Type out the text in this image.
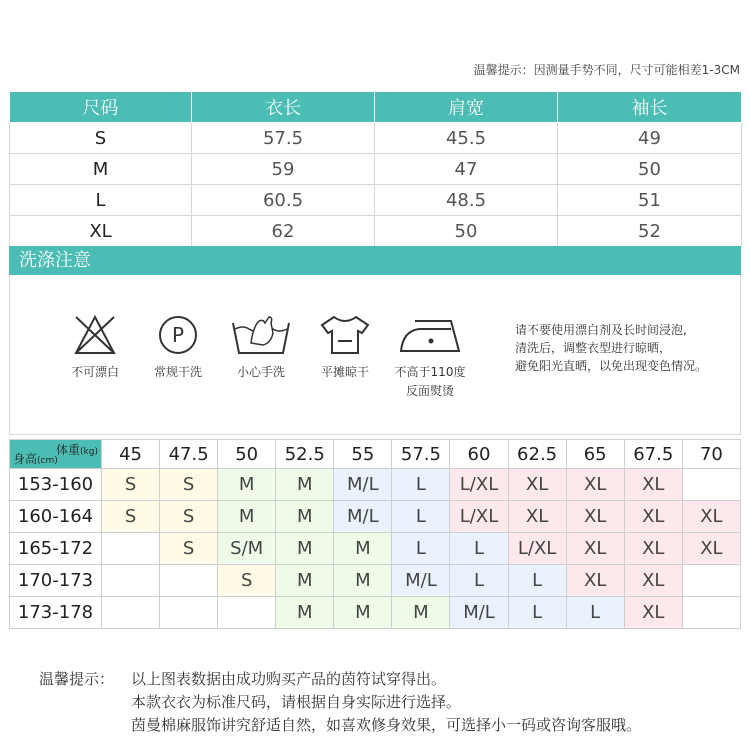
温馨提示：因测量手势不同，尺寸可能相差1-3CM
尺码	衣长	肩宽	袖长
S	57.5	45.5	49
M	59	47	50
L	60.5	48.5	51
XL	62	50	52
洗涤注意
不可漂白
P
常规干洗	小心手洗	平摊晾干	不高于110度
反面熨烫
请不要使用漂白剂及长时间浸泡,
清洗后，调整衣型进行晾晒，
避免阳光直晒，以免出现变色情况。
体重(kg)
身高(cm)	45	47.5	50	52.5	55	57.5	60	62.5	65	67.5	70
153-160	S	S	M	M	M/L	L	L/XL	XL	XL	XL	
160-164	S	S	M	M	M/L	L	L/XL	XL	XL	XL	XL
165-172		S	S/M	M	M	L	L	L/XL	XL	XL	XL
170-173			S	M	M	M/L	L	L	XL	XL	
173-178				M	M	M	M/L	L	L	XL	
温馨提示： 以上图表数据由成功购买产品的茵符试穿得出。
本款衣衣为标准尺码，请根据自身实际进行选择。
茵曼棉麻服饰讲究舒适自然，如喜欢修身效果，可选择小一码或咨询客服哦。
